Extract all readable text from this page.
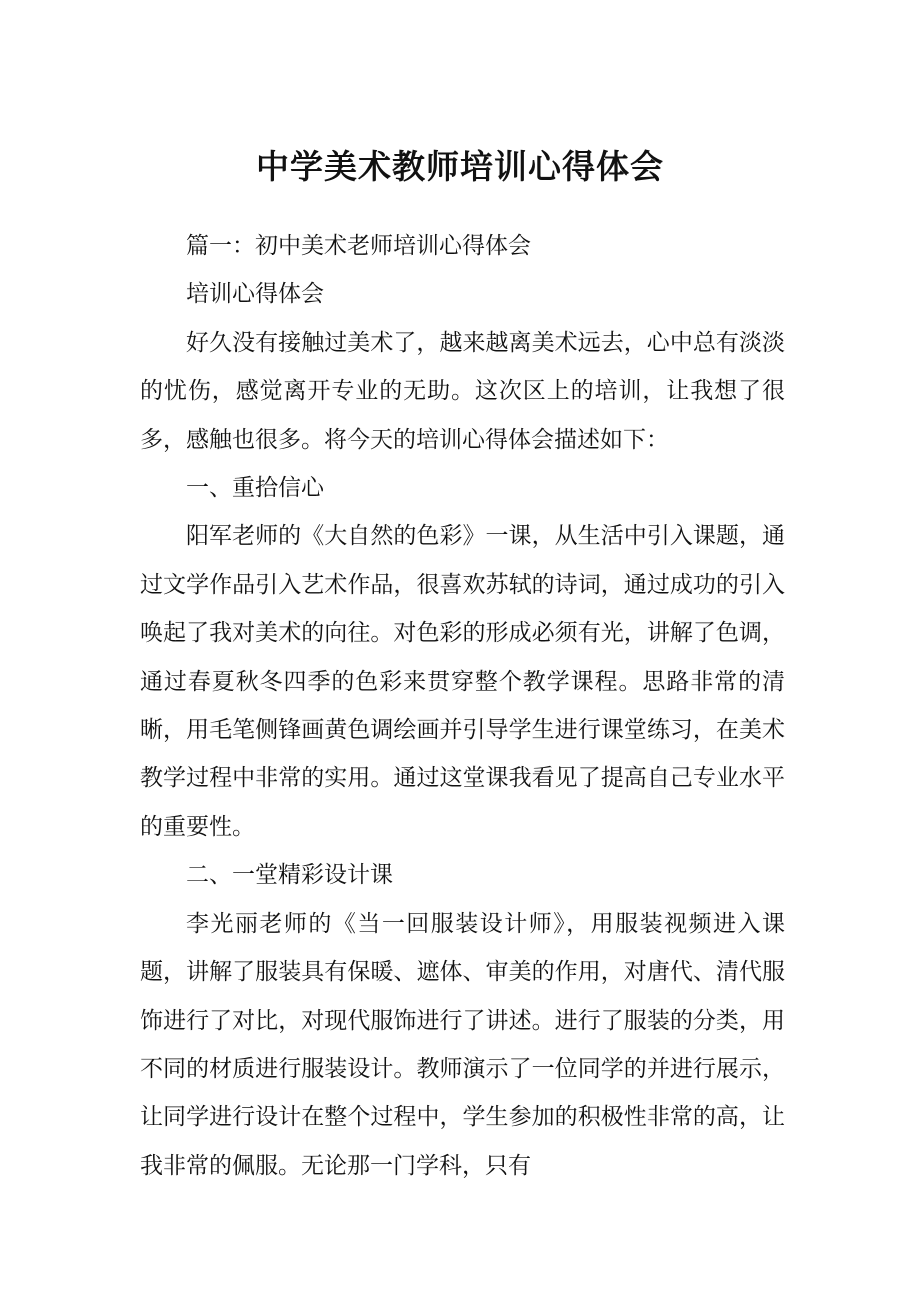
中学美术教师培训心得体会

篇一：初中美术老师培训心得体会

培训心得体会

好久没有接触过美术了，越来越离美术远去，心中总有淡淡的忧伤，感觉离开专业的无助。这次区上的培训，让我想了很多，感触也很多。将今天的培训心得体会描述如下：

一、重拾信心

阳军老师的《大自然的色彩》一课，从生活中引入课题，通过文学作品引入艺术作品，很喜欢苏轼的诗词，通过成功的引入唤起了我对美术的向往。对色彩的形成必须有光，讲解了色调，通过春夏秋冬四季的色彩来贯穿整个教学课程。思路非常的清晰，用毛笔侧锋画黄色调绘画并引导学生进行课堂练习，在美术教学过程中非常的实用。通过这堂课我看见了提高自己专业水平的重要性。

二、一堂精彩设计课

李光丽老师的《当一回服装设计师》，用服装视频进入课题，讲解了服装具有保暖、遮体、审美的作用，对唐代、清代服饰进行了对比，对现代服饰进行了讲述。进行了服装的分类，用不同的材质进行服装设计。教师演示了一位同学的并进行展示，让同学进行设计在整个过程中，学生参加的积极性非常的高，让我非常的佩服。无论那一门学科，只有
